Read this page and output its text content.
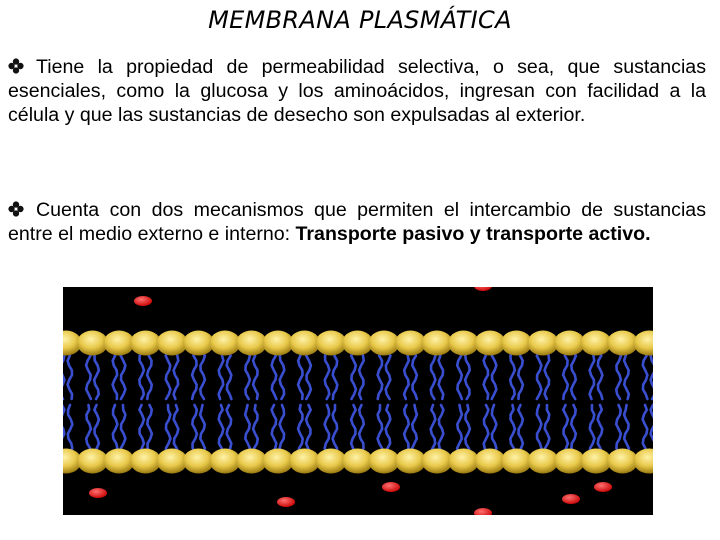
MEMBRANA PLASMÁTICA
Tiene la propiedad de permeabilidad selectiva, o sea, que sustancias esenciales, como la glucosa y los aminoácidos, ingresan con facilidad a la célula y que las sustancias de desecho son expulsadas al exterior.
Cuenta con dos mecanismos que permiten el intercambio de sustancias entre el medio externo e interno: Transporte pasivo y transporte activo.
